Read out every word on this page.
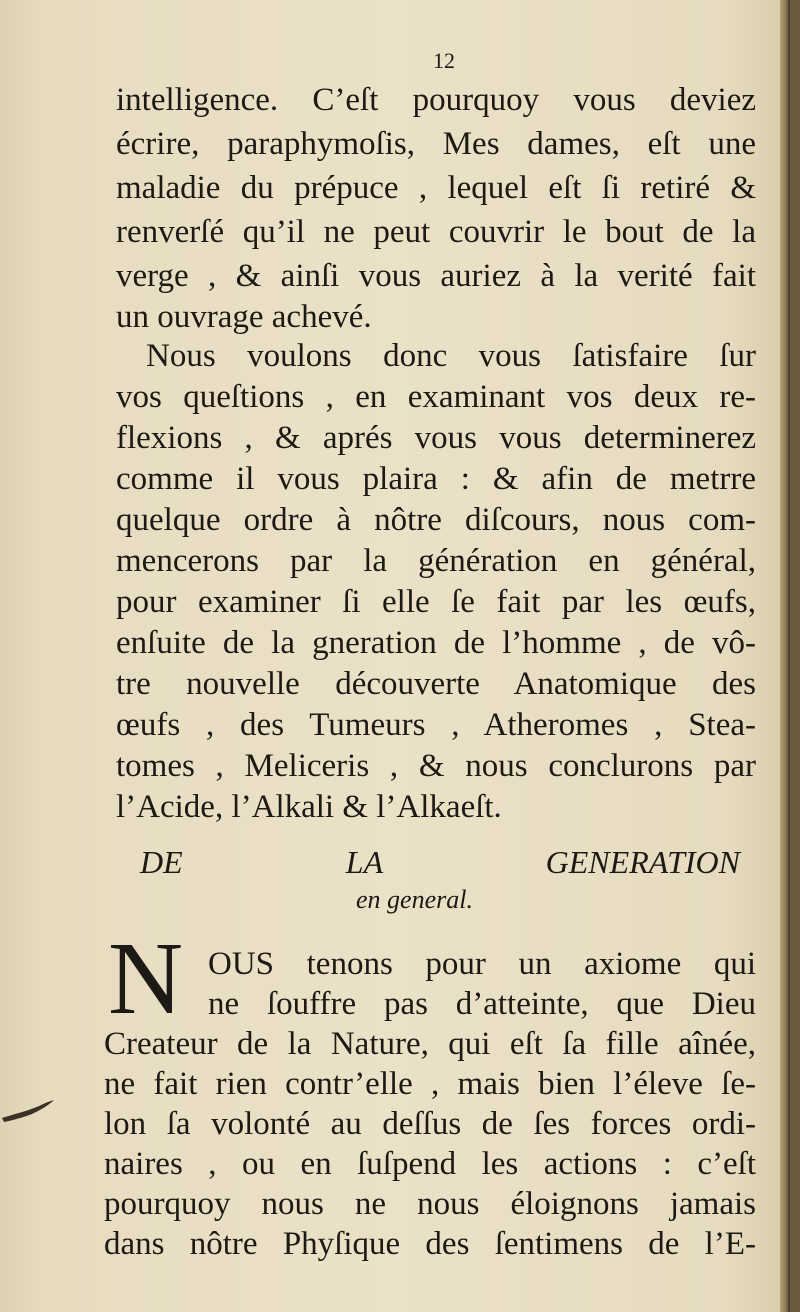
12
intelligence. C’eſt pourquoy vous deviez
écrire, paraphymoſis, Mes dames, eſt une
maladie du prépuce , lequel eſt ſi retiré &
renverſé qu’il ne peut couvrir le bout de la
verge , & ainſi vous auriez à la verité fait
un ouvrage achevé.
Nous voulons donc vous ſatisfaire ſur
vos queſtions , en examinant vos deux re-
flexions , & aprés vous vous determinerez
comme il vous plaira : & afin de metrre
quelque ordre à nôtre diſcours, nous com-
mencerons par la génération en général,
pour examiner ſi elle ſe fait par les œufs,
enſuite de la gneration de l’homme , de vô-
tre nouvelle découverte Anatomique des
œufs , des Tumeurs , Atheromes , Stea-
tomes , Meliceris , & nous conclurons par
l’Acide, l’Alkali & l’Alkaeſt.
DE LA GENERATION
en general.
N OUS tenons pour un axiome qui
ne ſouffre pas d’atteinte, que Dieu
Createur de la Nature, qui eſt ſa fille aînée,
ne fait rien contr’elle , mais bien l’éleve ſe-
lon ſa volonté au deſſus de ſes forces ordi-
naires , ou en ſuſpend les actions : c’eſt
pourquoy nous ne nous éloignons jamais
dans nôtre Phyſique des ſentimens de l’E-
